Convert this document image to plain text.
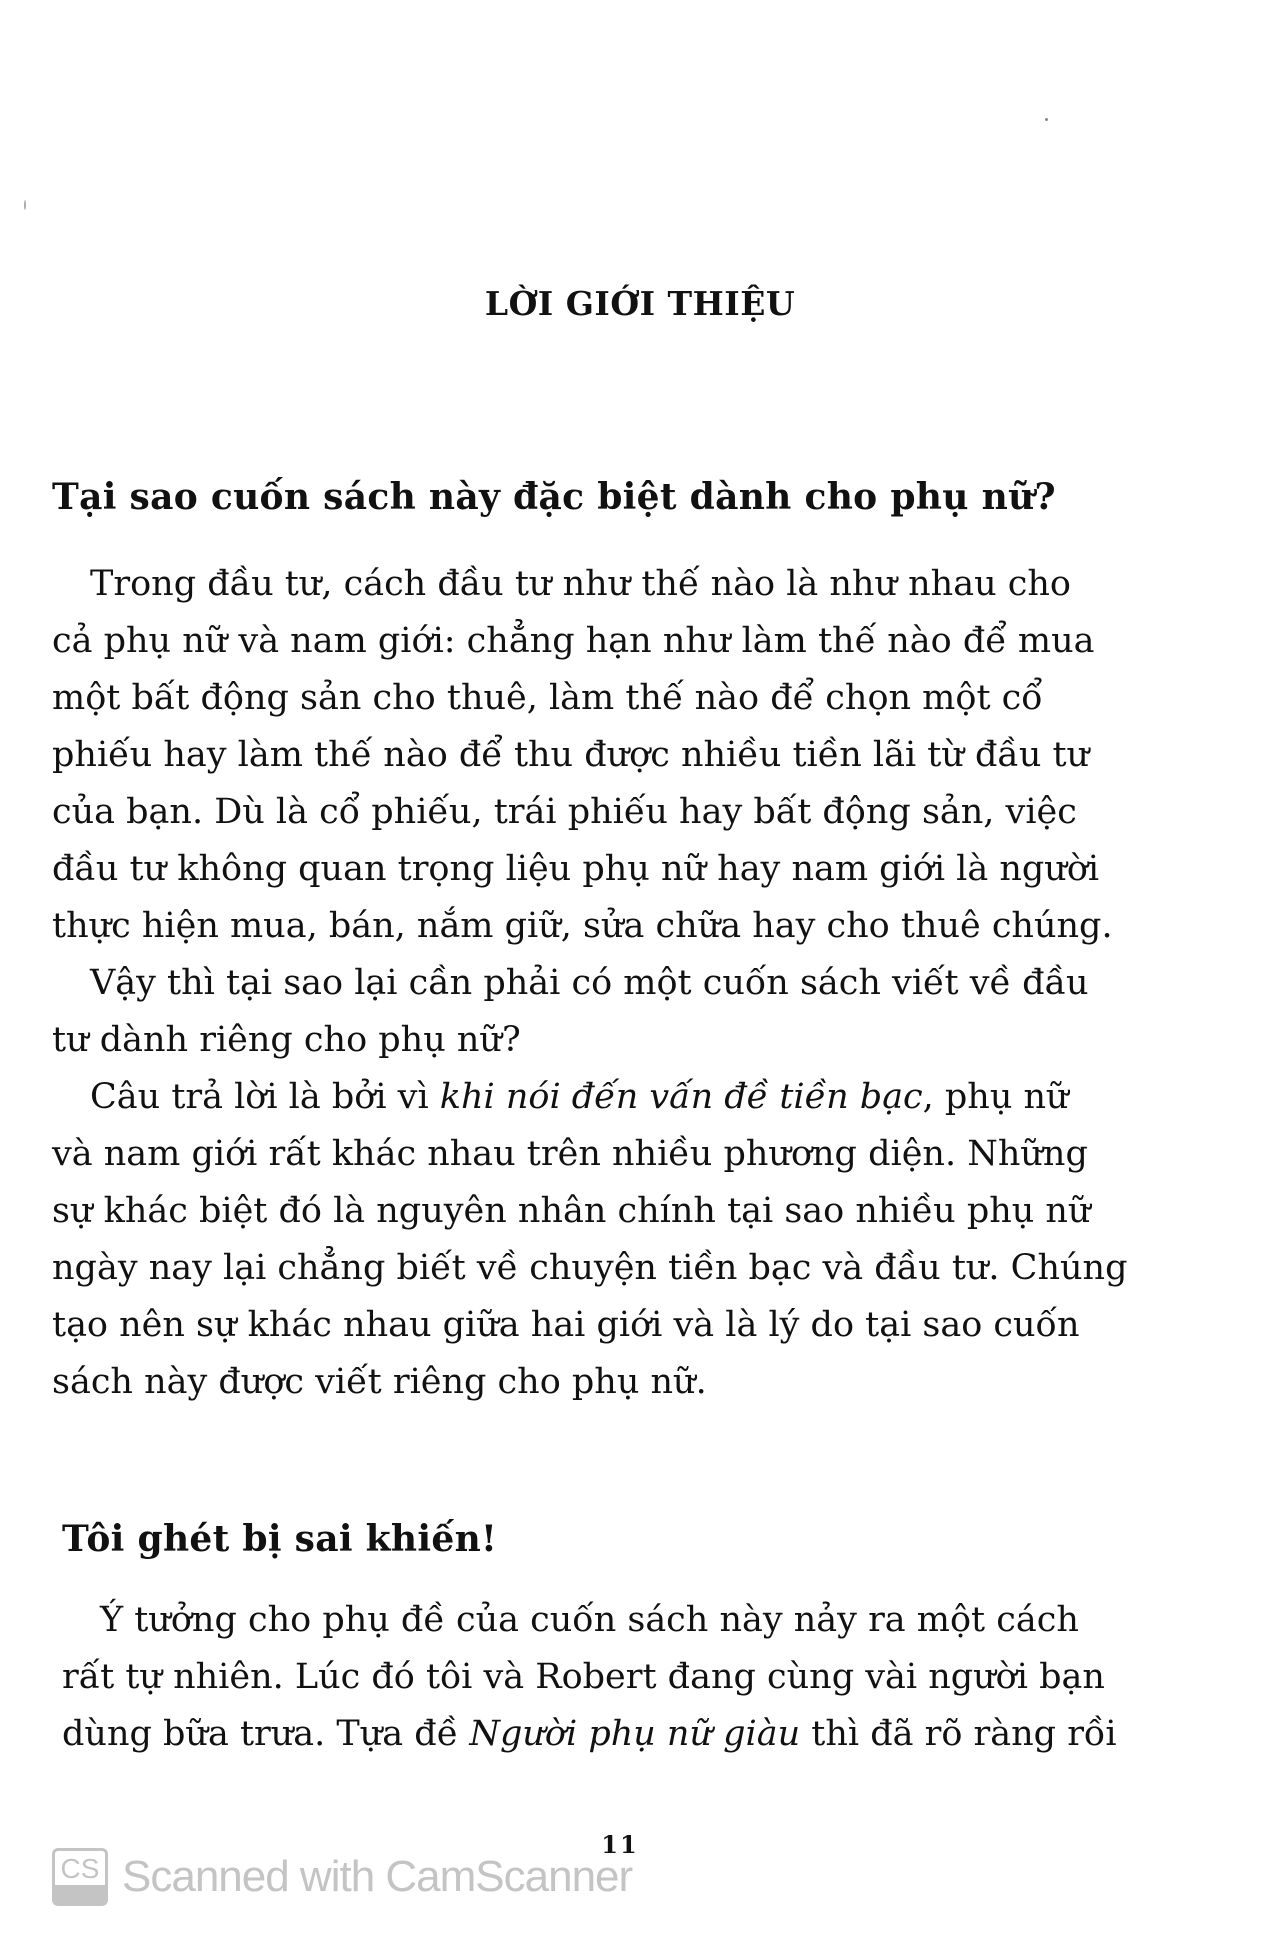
LỜI GIỚI THIỆU
Tại sao cuốn sách này đặc biệt dành cho phụ nữ?
Trong đầu tư, cách đầu tư như thế nào là như nhau cho
cả phụ nữ và nam giới: chẳng hạn như làm thế nào để mua
một bất động sản cho thuê, làm thế nào để chọn một cổ
phiếu hay làm thế nào để thu được nhiều tiền lãi từ đầu tư
của bạn. Dù là cổ phiếu, trái phiếu hay bất động sản, việc
đầu tư không quan trọng liệu phụ nữ hay nam giới là người
thực hiện mua, bán, nắm giữ, sửa chữa hay cho thuê chúng.
Vậy thì tại sao lại cần phải có một cuốn sách viết về đầu
tư dành riêng cho phụ nữ?
Câu trả lời là bởi vì khi nói đến vấn đề tiền bạc, phụ nữ
và nam giới rất khác nhau trên nhiều phương diện. Những
sự khác biệt đó là nguyên nhân chính tại sao nhiều phụ nữ
ngày nay lại chẳng biết về chuyện tiền bạc và đầu tư. Chúng
tạo nên sự khác nhau giữa hai giới và là lý do tại sao cuốn
sách này được viết riêng cho phụ nữ.
Tôi ghét bị sai khiến!
Ý tưởng cho phụ đề của cuốn sách này nảy ra một cách
rất tự nhiên. Lúc đó tôi và Robert đang cùng vài người bạn
dùng bữa trưa. Tựa đề Người phụ nữ giàu thì đã rõ ràng rồi
11
CS Scanned with CamScanner
